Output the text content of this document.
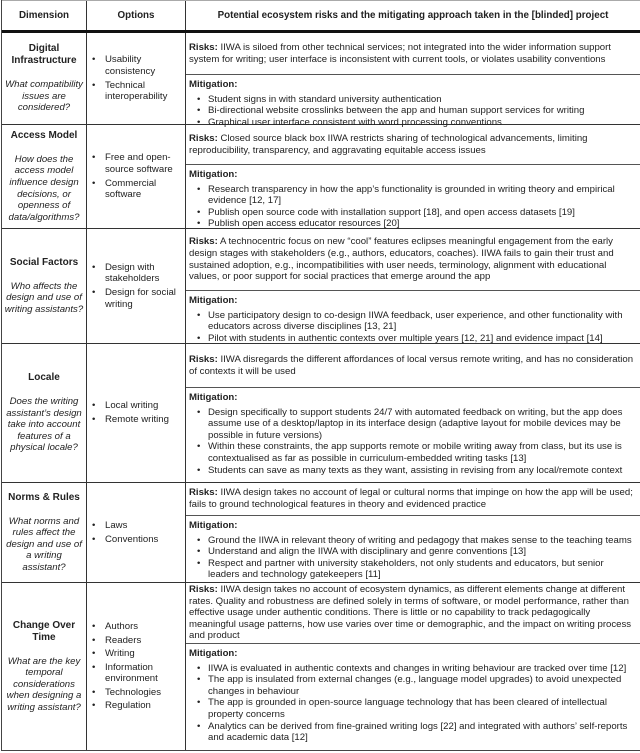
Dimension	Options	Potential ecosystem risks and the mitigating approach taken in the [blinded] project
Digital Infrastructure
What compatibility issues are considered?
• Usability consistency
• Technical interoperability
Risks: IIWA is siloed from other technical services; not integrated into the wider information support system for writing; user interface is inconsistent with current tools, or violates usability conventions
Mitigation:
• Student signs in with standard university authentication
• Bi-directional website crosslinks between the app and human support services for writing
• Graphical user interface consistent with word processing conventions
Access Model
How does the access model influence design decisions, or openness of data/algorithms?
• Free and open-source software
• Commercial software
Risks: Closed source black box IIWA restricts sharing of technological advancements, limiting reproducibility, transparency, and aggravating equitable access issues
Mitigation:
• Research transparency in how the app’s functionality is grounded in writing theory and empirical evidence [12, 17]
• Publish open source code with installation support [18], and open access datasets [19]
• Publish open access educator resources [20]
Social Factors
Who affects the design and use of writing assistants?
• Design with stakeholders
• Design for social writing
Risks: A technocentric focus on new “cool” features eclipses meaningful engagement from the early design stages with stakeholders (e.g., authors, educators, coaches). IIWA fails to gain their trust and sustained adoption, e.g., incompatibilities with user needs, terminology, alignment with educational values, or poor support for social practices that emerge around the app
Mitigation:
• Use participatory design to co-design IIWA feedback, user experience, and other functionality with educators across diverse disciplines [13, 21]
• Pilot with students in authentic contexts over multiple years [12, 21] and evidence impact [14]
Locale
Does the writing assistant’s design take into account features of a physical locale?
• Local writing
• Remote writing
Risks: IIWA disregards the different affordances of local versus remote writing, and has no consideration of contexts it will be used
Mitigation:
• Design specifically to support students 24/7 with automated feedback on writing, but the app does assume use of a desktop/laptop in its interface design (adaptive layout for mobile devices may be possible in future versions)
• Within these constraints, the app supports remote or mobile writing away from class, but its use is contextualised as far as possible in curriculum-embedded writing tasks [13]
• Students can save as many texts as they want, assisting in revising from any local/remote context
Norms & Rules
What norms and rules affect the design and use of a writing assistant?
• Laws
• Conventions
Risks: IIWA design takes no account of legal or cultural norms that impinge on how the app will be used; fails to ground technological features in theory and evidenced practice
Mitigation:
• Ground the IIWA in relevant theory of writing and pedagogy that makes sense to the teaching teams
• Understand and align the IIWA with disciplinary and genre conventions [13]
• Respect and partner with university stakeholders, not only students and educators, but senior leaders and technology gatekeepers [11]
Change Over Time
What are the key temporal considerations when designing a writing assistant?
• Authors
• Readers
• Writing
• Information environment
• Technologies
• Regulation
Risks: IIWA design takes no account of ecosystem dynamics, as different elements change at different rates. Quality and robustness are defined solely in terms of software, or model performance, rather than effective usage under authentic conditions. There is little or no capability to track pedagogically meaningful usage patterns, how use varies over time or demographic, and the impact on writing process and product
Mitigation:
• IIWA is evaluated in authentic contexts and changes in writing behaviour are tracked over time [12]
• The app is insulated from external changes (e.g., language model upgrades) to avoid unexpected changes in behaviour
• The app is grounded in open-source language technology that has been cleared of intellectual property concerns
• Analytics can be derived from fine-grained writing logs [22] and integrated with authors’ self-reports and academic data [12]
